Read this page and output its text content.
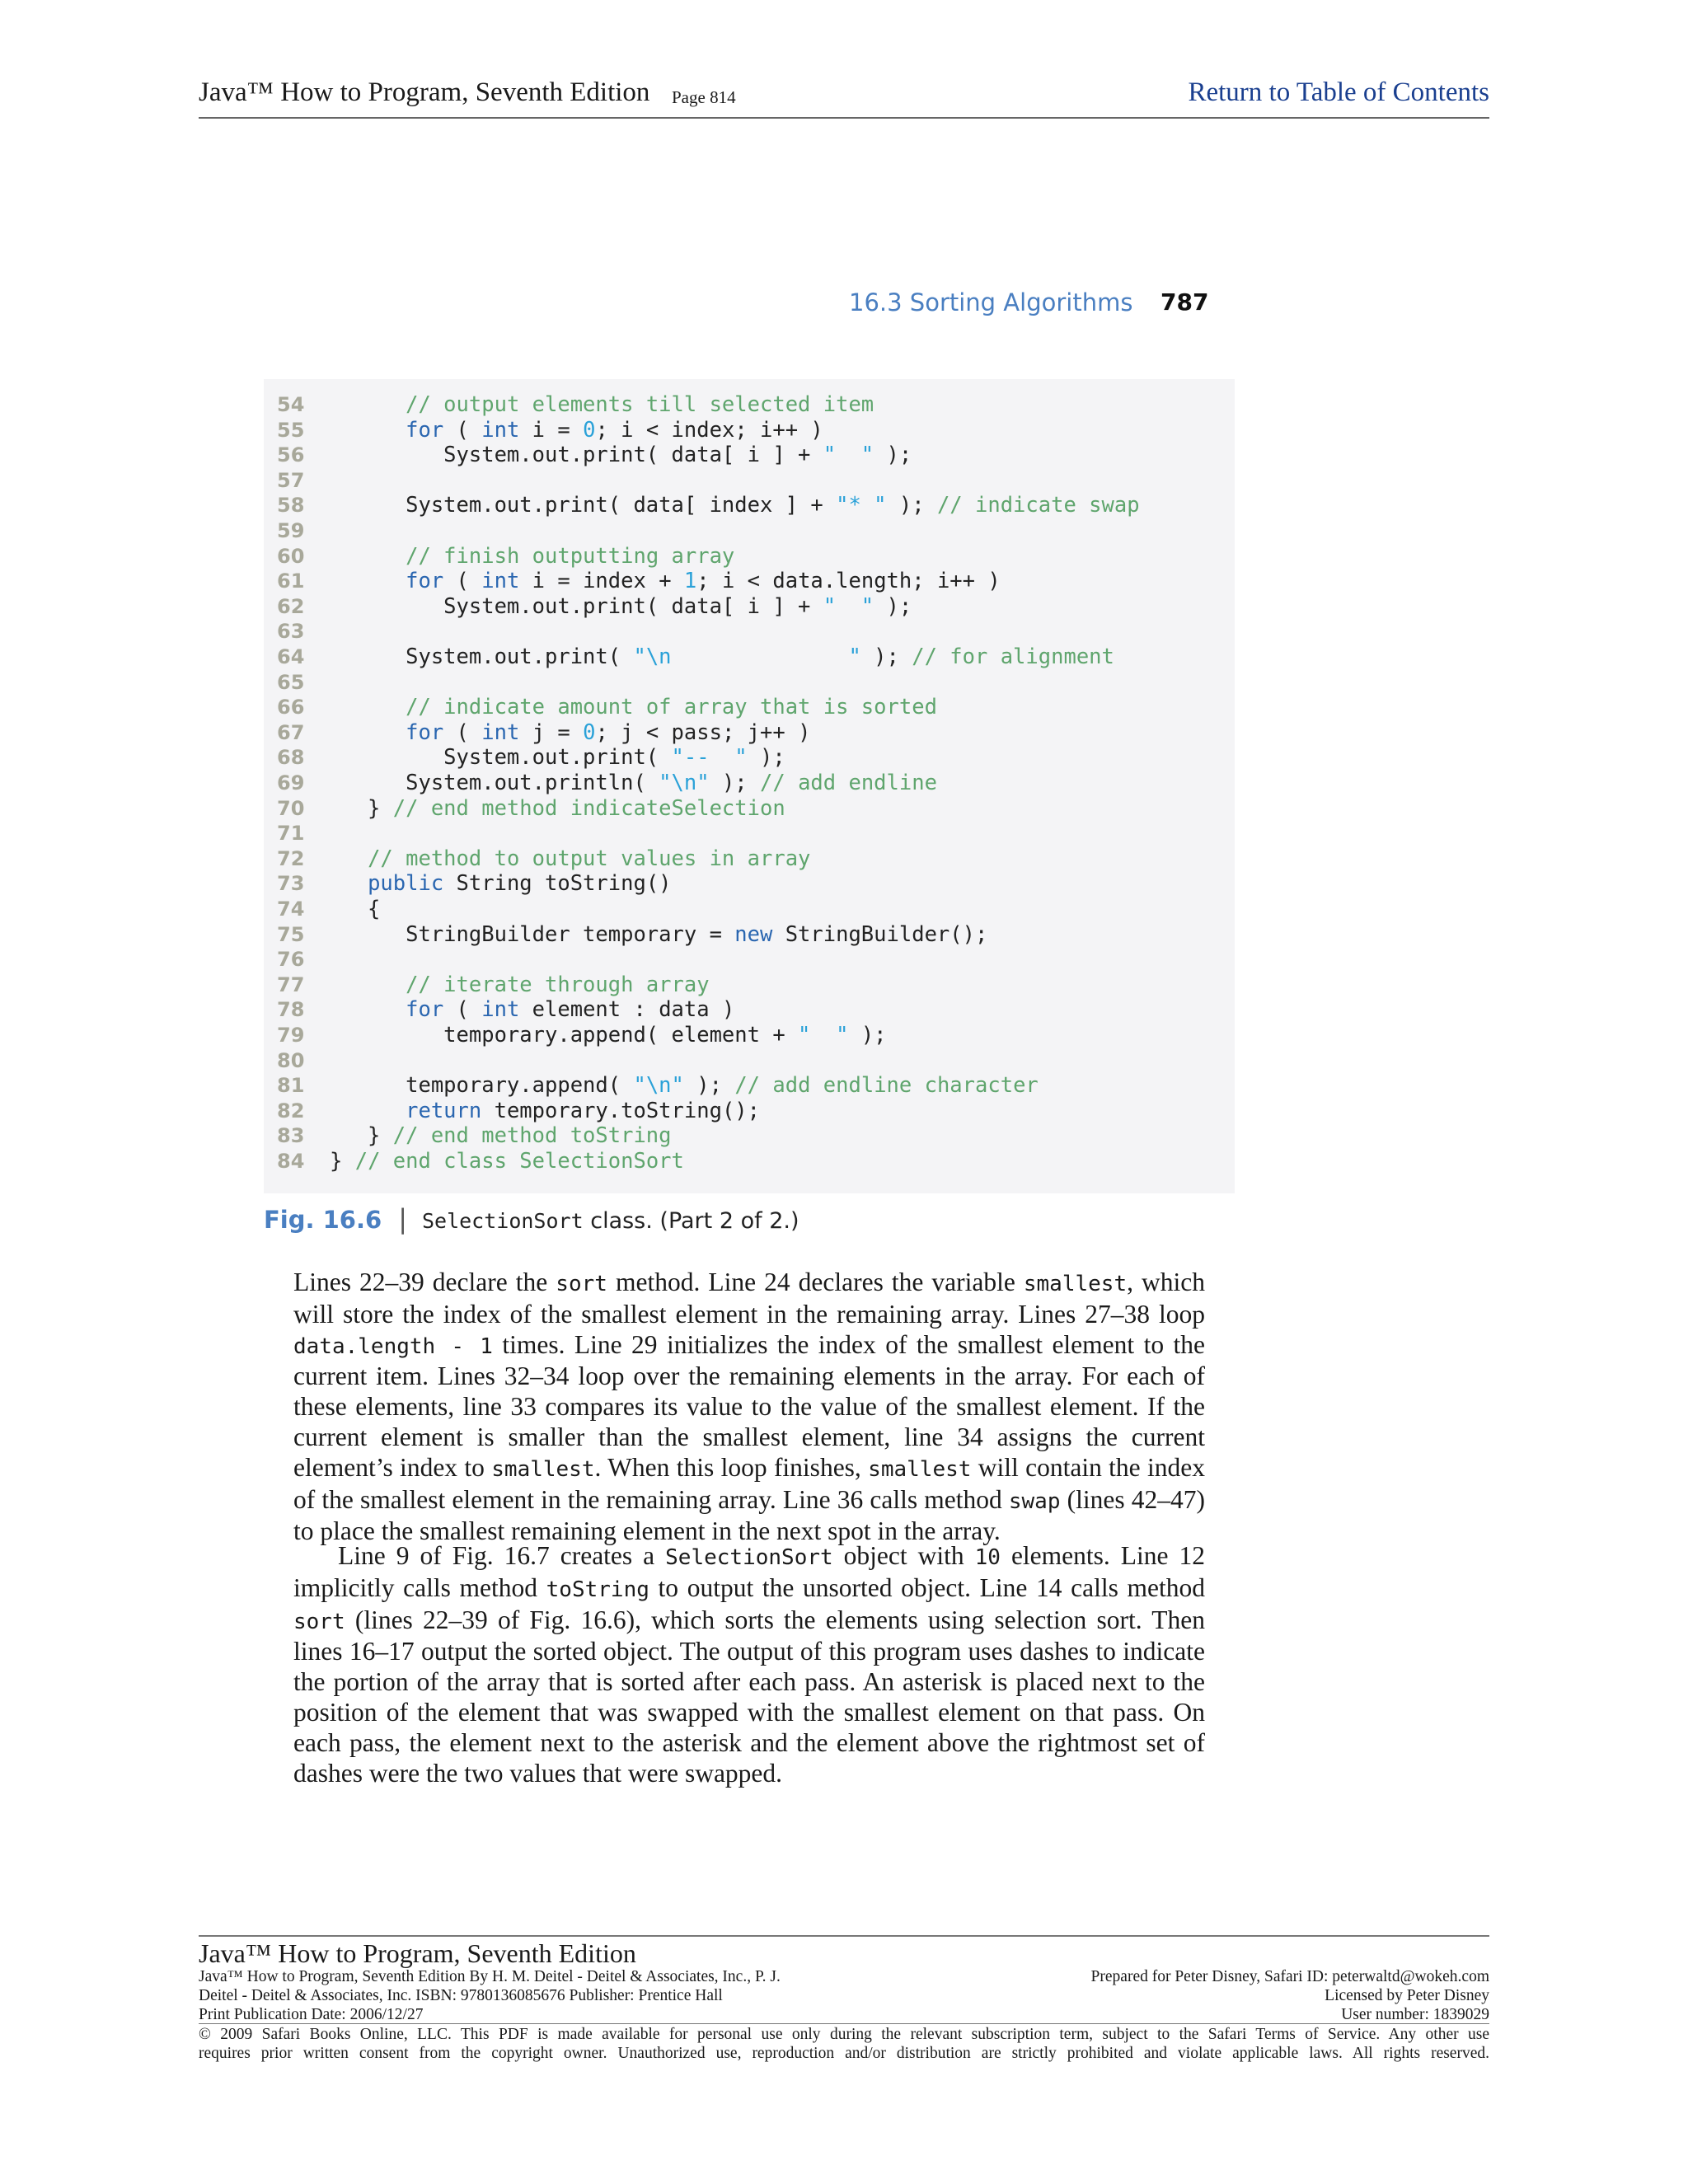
Java™ How to Program, Seventh Edition Page 814	Return to Table of Contents
16.3 Sorting Algorithms 787
54	// output elements till selected item
55	for ( int i = 0; i < index; i++ )
56	System.out.print( data[ i ] + "  " );
57
58	System.out.print( data[ index ] + "* " ); // indicate swap
59
60	// finish outputting array
61	for ( int i = index + 1; i < data.length; i++ )
62	System.out.print( data[ i ] + "  " );
63
64	System.out.print( "\n              " ); // for alignment
65
66	// indicate amount of array that is sorted
67	for ( int j = 0; j < pass; j++ )
68	System.out.print( "--  " );
69	System.out.println( "\n" ); // add endline
70	} // end method indicateSelection
71
72	// method to output values in array
73	public String toString()
74	{
75	StringBuilder temporary = new StringBuilder();
76
77	// iterate through array
78	for ( int element : data )
79	temporary.append( element + "  " );
80
81	temporary.append( "\n" ); // add endline character
82	return temporary.toString();
83	} // end method toString
84	} // end class SelectionSort
Fig. 16.6 | SelectionSort class. (Part 2 of 2.)
Lines 22–39 declare the sort method. Line 24 declares the variable smallest, which will store the index of the smallest element in the remaining array. Lines 27–38 loop data.length - 1 times. Line 29 initializes the index of the smallest element to the current item. Lines 32–34 loop over the remaining elements in the array. For each of these elements, line 33 compares its value to the value of the smallest element. If the current element is smaller than the smallest element, line 34 assigns the current element’s index to smallest. When this loop finishes, smallest will contain the index of the smallest element in the remaining array. Line 36 calls method swap (lines 42–47) to place the smallest remaining element in the next spot in the array.
Line 9 of Fig. 16.7 creates a SelectionSort object with 10 elements. Line 12 implicitly calls method toString to output the unsorted object. Line 14 calls method sort (lines 22–39 of Fig. 16.6), which sorts the elements using selection sort. Then lines 16–17 output the sorted object. The output of this program uses dashes to indicate the portion of the array that is sorted after each pass. An asterisk is placed next to the position of the element that was swapped with the smallest element on that pass. On each pass, the element next to the asterisk and the element above the rightmost set of dashes were the two values that were swapped.
Java™ How to Program, Seventh Edition
Java™ How to Program, Seventh Edition By H. M. Deitel - Deitel & Associates, Inc., P. J.
Deitel - Deitel & Associates, Inc. ISBN: 9780136085676 Publisher: Prentice Hall
Print Publication Date: 2006/12/27
Prepared for Peter Disney, Safari ID: peterwaltd@wokeh.com
Licensed by Peter Disney
User number: 1839029
© 2009 Safari Books Online, LLC. This PDF is made available for personal use only during the relevant subscription term, subject to the Safari Terms of Service. Any other use
requires prior written consent from the copyright owner. Unauthorized use, reproduction and/or distribution are strictly prohibited and violate applicable laws. All rights reserved.
